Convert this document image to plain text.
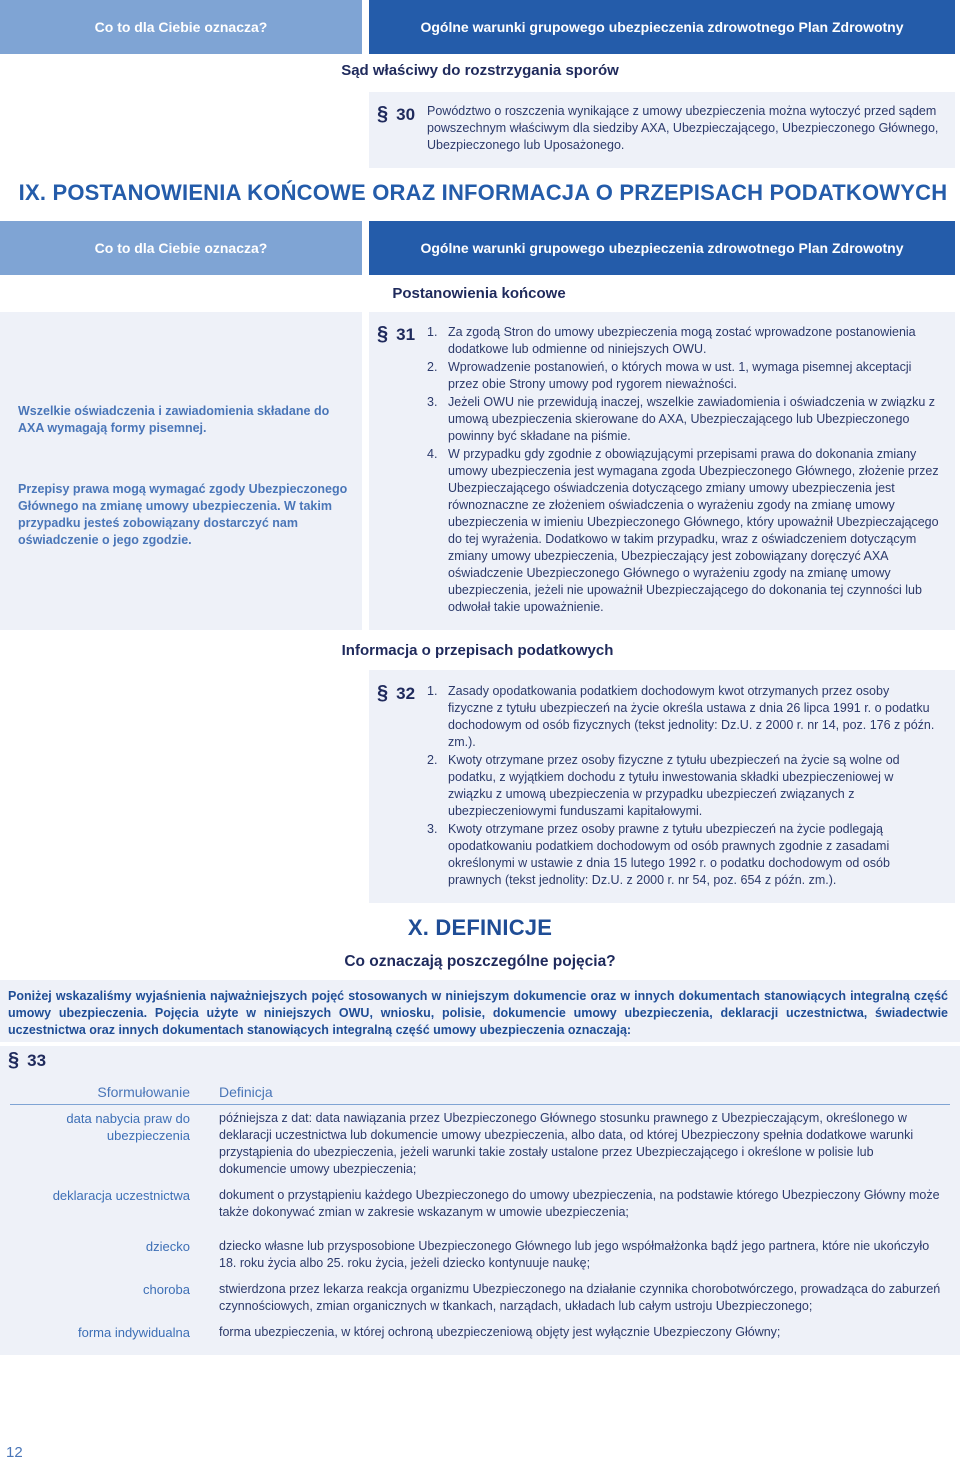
Co to dla Ciebie oznacza?	Ogólne warunki grupowego ubezpieczenia zdrowotnego Plan Zdrowotny
Sąd właściwy do rozstrzygania sporów
§ 30 Powództwo o roszczenia wynikające z umowy ubezpieczenia można wytoczyć przed sądem powszechnym właściwym dla siedziby AXA, Ubezpieczającego, Ubezpieczonego Głównego, Ubezpieczonego lub Uposażonego.
IX. POSTANOWIENIA KOŃCOWE ORAZ INFORMACJA O PRZEPISACH PODATKOWYCH
Co to dla Ciebie oznacza?	Ogólne warunki grupowego ubezpieczenia zdrowotnego Plan Zdrowotny
Postanowienia końcowe

Wszelkie oświadczenia i zawiadomienia składane do AXA wymagają formy pisemnej.

Przepisy prawa mogą wymagać zgody Ubezpieczonego Głównego na zmianę umowy ubezpieczenia. W takim przypadku jesteś zobowiązany dostarczyć nam oświadczenie o jego zgodzie.

§ 31 1. Za zgodą Stron do umowy ubezpieczenia mogą zostać wprowadzone postanowienia dodatkowe lub odmienne od niniejszych OWU.
2. Wprowadzenie postanowień, o których mowa w ust. 1, wymaga pisemnej akceptacji przez obie Strony umowy pod rygorem nieważności.
3. Jeżeli OWU nie przewidują inaczej, wszelkie zawiadomienia i oświadczenia w związku z umową ubezpieczenia skierowane do AXA, Ubezpieczającego lub Ubezpieczonego powinny być składane na piśmie.
4. W przypadku gdy zgodnie z obowiązującymi przepisami prawa do dokonania zmiany umowy ubezpieczenia jest wymagana zgoda Ubezpieczonego Głównego, złożenie przez Ubezpieczającego oświadczenia dotyczącego zmiany umowy ubezpieczenia jest równoznaczne ze złożeniem oświadczenia o wyrażeniu zgody na zmianę umowy ubezpieczenia w imieniu Ubezpieczonego Głównego, który upoważnił Ubezpieczającego do tej wyrażenia. Dodatkowo w takim przypadku, wraz z oświadczeniem dotyczącym zmiany umowy ubezpieczenia, Ubezpieczający jest zobowiązany doręczyć AXA oświadczenie Ubezpieczonego Głównego o wyrażeniu zgody na zmianę umowy ubezpieczenia, jeżeli nie upoważnił Ubezpieczającego do dokonania tej czynności lub odwołał takie upoważnienie.
Informacja o przepisach podatkowych
§ 32 1. Zasady opodatkowania podatkiem dochodowym kwot otrzymanych przez osoby fizyczne z tytułu ubezpieczeń na życie określa ustawa z dnia 26 lipca 1991 r. o podatku dochodowym od osób fizycznych (tekst jednolity: Dz.U. z 2000 r. nr 14, poz. 176 z późn. zm.).
2. Kwoty otrzymane przez osoby fizyczne z tytułu ubezpieczeń na życie są wolne od podatku, z wyjątkiem dochodu z tytułu inwestowania składki ubezpieczeniowej w związku z umową ubezpieczenia w przypadku ubezpieczeń związanych z ubezpieczeniowymi funduszami kapitałowymi.
3. Kwoty otrzymane przez osoby prawne z tytułu ubezpieczeń na życie podlegają opodatkowaniu podatkiem dochodowym od osób prawnych zgodnie z zasadami określonymi w ustawie z dnia 15 lutego 1992 r. o podatku dochodowym od osób prawnych (tekst jednolity: Dz.U. z 2000 r. nr 54, poz. 654 z późn. zm.).
X. DEFINICJE
Co oznaczają poszczególne pojęcia?
Poniżej wskazaliśmy wyjaśnienia najważniejszych pojęć stosowanych w niniejszym dokumencie oraz w innych dokumentach stanowiących integralną część umowy ubezpieczenia. Pojęcia użyte w niniejszych OWU, wniosku, polisie, dokumencie umowy ubezpieczenia, deklaracji uczestnictwa, świadectwie uczestnictwa oraz innych dokumentach stanowiących integralną część umowy ubezpieczenia oznaczają:
§ 33
Sformułowanie Definicja
data nabycia praw do ubezpieczenia
późniejsza z dat: data nawiązania przez Ubezpieczonego Głównego stosunku prawnego z Ubezpieczającym, określonego w deklaracji uczestnictwa lub dokumencie umowy ubezpieczenia, albo data, od której Ubezpieczony spełnia dodatkowe warunki przystąpienia do ubezpieczenia, jeżeli warunki takie zostały ustalone przez Ubezpieczającego i określone w polisie lub dokumencie umowy ubezpieczenia;
deklaracja uczestnictwa dokument o przystąpieniu każdego Ubezpieczonego do umowy ubezpieczenia, na podstawie którego Ubezpieczony Główny może także dokonywać zmian w zakresie wskazanym w umowie ubezpieczenia;
dziecko dziecko własne lub przysposobione Ubezpieczonego Głównego lub jego współmałżonka bądź jego partnera, które nie ukończyło 18. roku życia albo 25. roku życia, jeżeli dziecko kontynuuje naukę;
choroba stwierdzona przez lekarza reakcja organizmu Ubezpieczonego na działanie czynnika chorobotwórczego, prowadząca do zaburzeń czynnościowych, zmian organicznych w tkankach, narządach, układach lub całym ustroju Ubezpieczonego;
forma indywidualna forma ubezpieczenia, w której ochroną ubezpieczeniową objęty jest wyłącznie Ubezpieczony Główny;
12
